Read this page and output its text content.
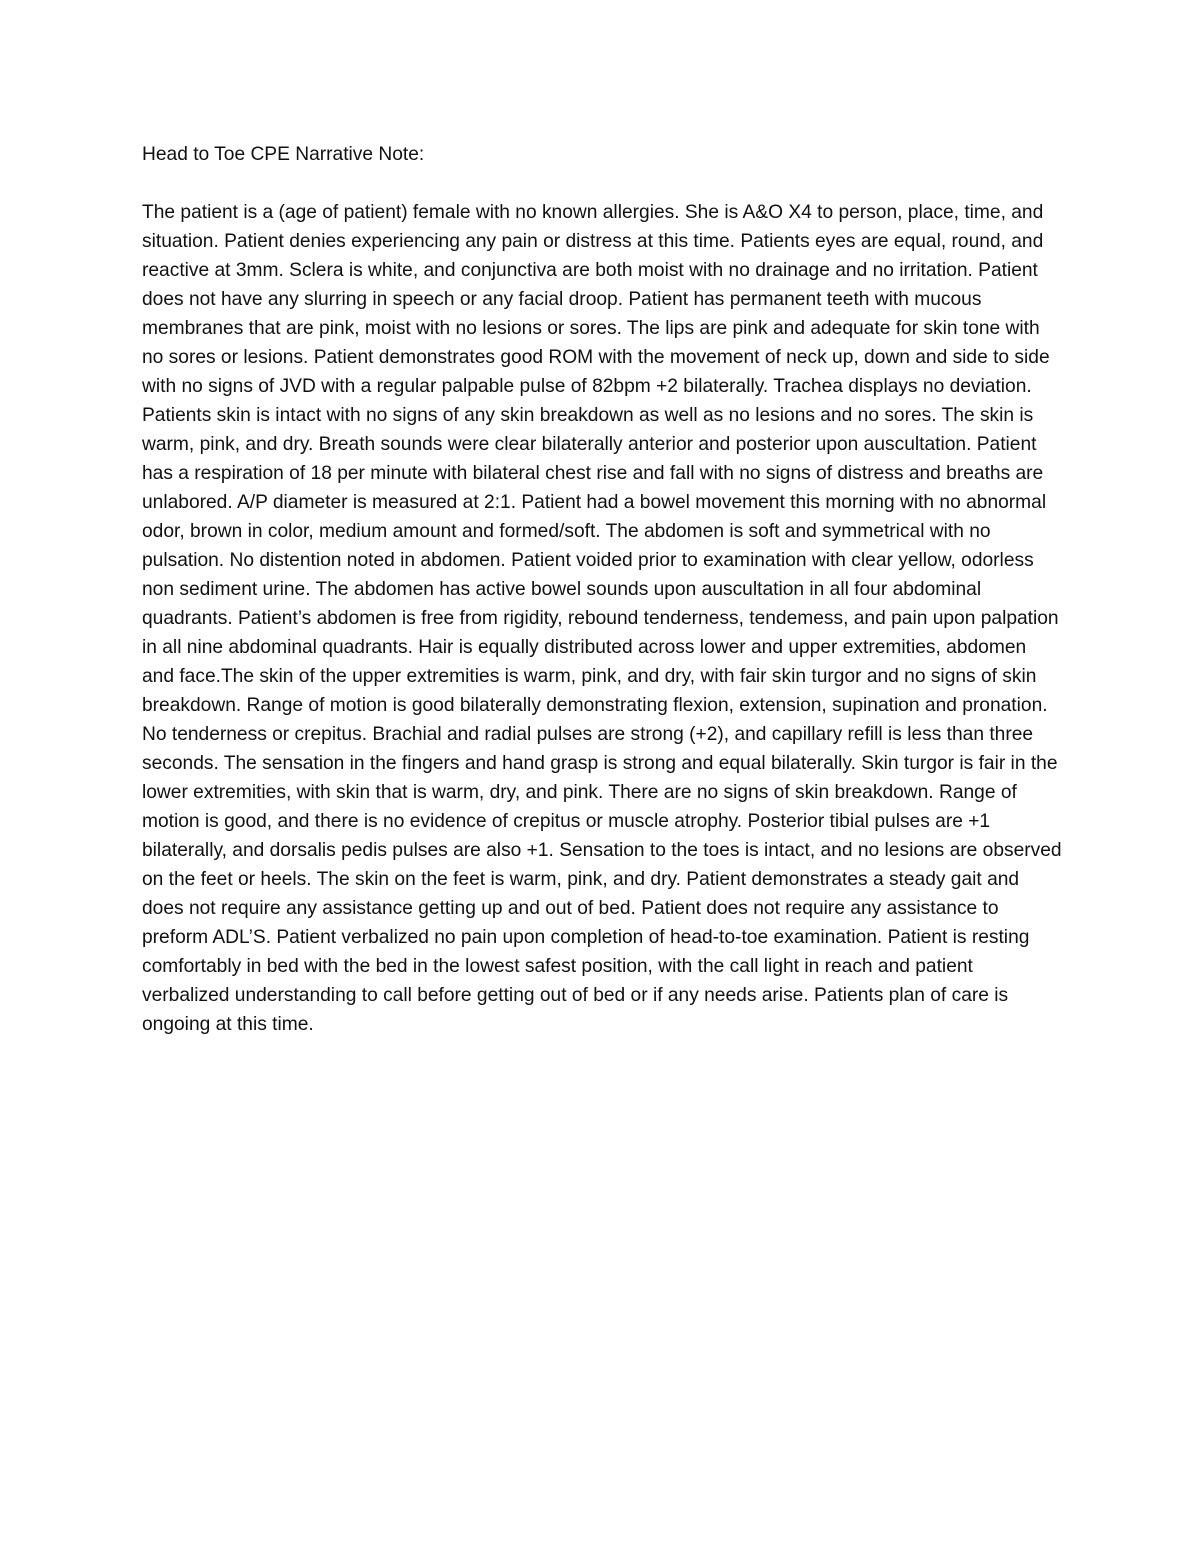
Head to Toe CPE Narrative Note:

The patient is a (age of patient) female with no known allergies. She is A&O X4 to person, place, time, and situation. Patient denies experiencing any pain or distress at this time. Patients eyes are equal, round, and reactive at 3mm. Sclera is white, and conjunctiva are both moist with no drainage and no irritation. Patient does not have any slurring in speech or any facial droop. Patient has permanent teeth with mucous membranes that are pink, moist with no lesions or sores. The lips are pink and adequate for skin tone with no sores or lesions. Patient demonstrates good ROM with the movement of neck up, down and side to side with no signs of JVD with a regular palpable pulse of 82bpm +2 bilaterally. Trachea displays no deviation. Patients skin is intact with no signs of any skin breakdown as well as no lesions and no sores. The skin is warm, pink, and dry. Breath sounds were clear bilaterally anterior and posterior upon auscultation. Patient has a respiration of 18 per minute with bilateral chest rise and fall with no signs of distress and breaths are unlabored. A/P diameter is measured at 2:1. Patient had a bowel movement this morning with no abnormal odor, brown in color, medium amount and formed/soft. The abdomen is soft and symmetrical with no pulsation. No distention noted in abdomen. Patient voided prior to examination with clear yellow, odorless non sediment urine. The abdomen has active bowel sounds upon auscultation in all four abdominal quadrants. Patient’s abdomen is free from rigidity, rebound tenderness, tendemess, and pain upon palpation in all nine abdominal quadrants. Hair is equally distributed across lower and upper extremities, abdomen and face.The skin of the upper extremities is warm, pink, and dry, with fair skin turgor and no signs of skin breakdown. Range of motion is good bilaterally demonstrating flexion, extension, supination and pronation. No tenderness or crepitus. Brachial and radial pulses are strong (+2), and capillary refill is less than three seconds. The sensation in the fingers and hand grasp is strong and equal bilaterally. Skin turgor is fair in the lower extremities, with skin that is warm, dry, and pink. There are no signs of skin breakdown. Range of motion is good, and there is no evidence of crepitus or muscle atrophy. Posterior tibial pulses are +1 bilaterally, and dorsalis pedis pulses are also +1. Sensation to the toes is intact, and no lesions are observed on the feet or heels. The skin on the feet is warm, pink, and dry. Patient demonstrates a steady gait and does not require any assistance getting up and out of bed. Patient does not require any assistance to preform ADL’S. Patient verbalized no pain upon completion of head-to-toe examination. Patient is resting comfortably in bed with the bed in the lowest safest position, with the call light in reach and patient verbalized understanding to call before getting out of bed or if any needs arise. Patients plan of care is ongoing at this time.
